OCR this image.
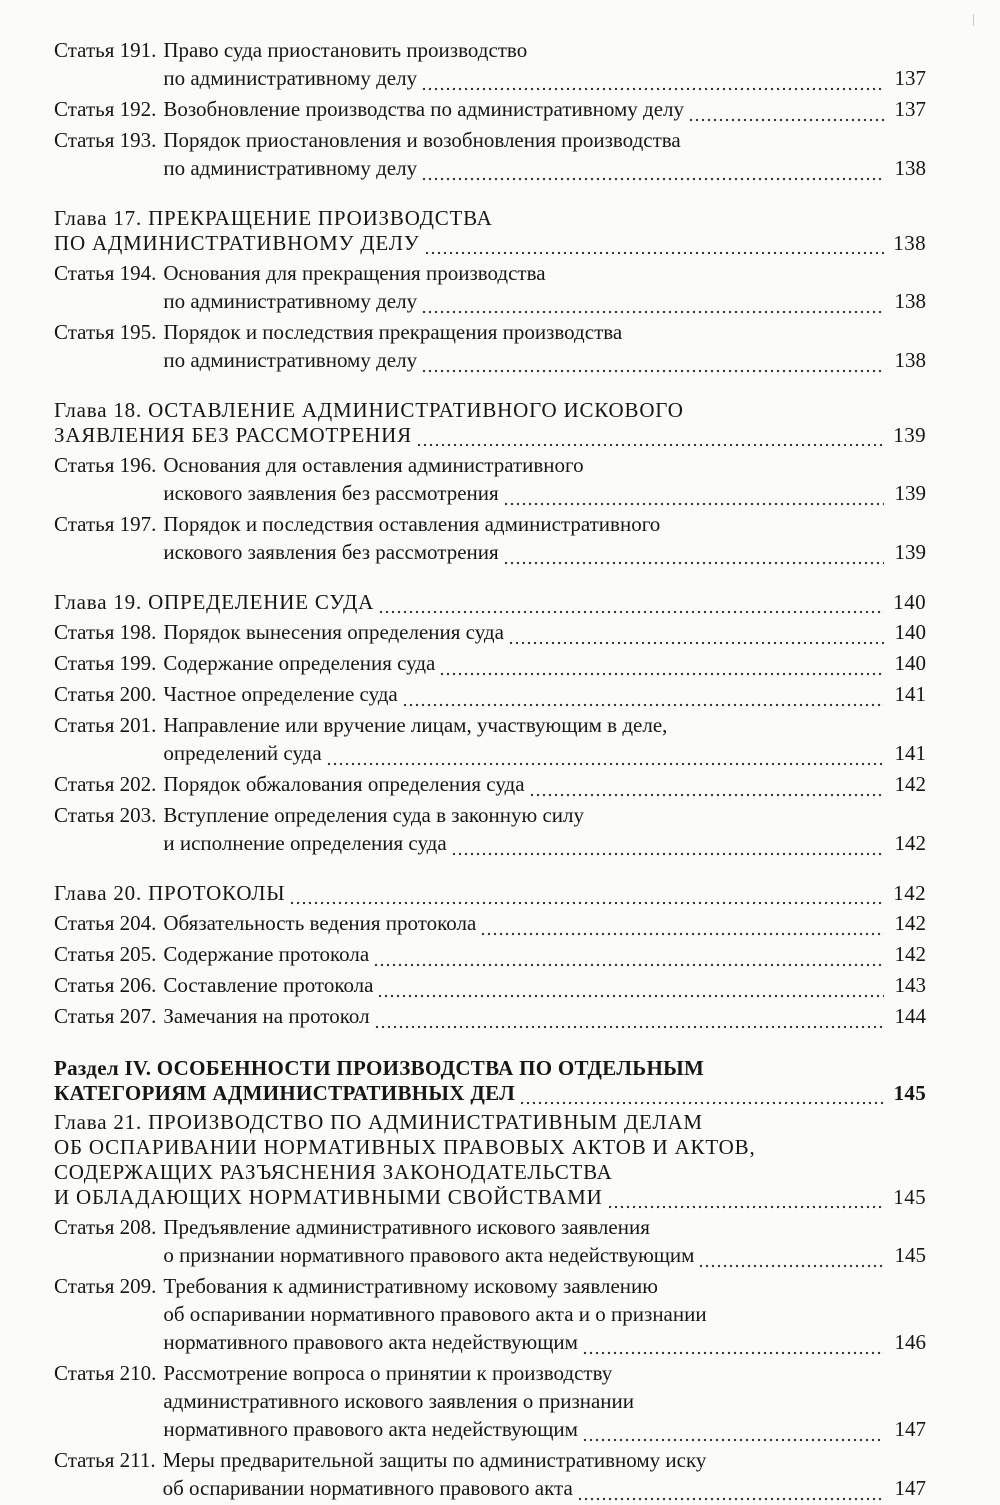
Статья 191. Право суда приостановить производство
по административному делу	137
Статья 192. Возобновление производства по административному делу	137
Статья 193. Порядок приостановления и возобновления производства
по административному делу	138
Глава 17. ПРЕКРАЩЕНИЕ ПРОИЗВОДСТВА
ПО АДМИНИСТРАТИВНОМУ ДЕЛУ	138
Статья 194. Основания для прекращения производства
по административному делу	138
Статья 195. Порядок и последствия прекращения производства
по административному делу	138
Глава 18. ОСТАВЛЕНИЕ АДМИНИСТРАТИВНОГО ИСКОВОГО
ЗАЯВЛЕНИЯ БЕЗ РАССМОТРЕНИЯ	139
Статья 196. Основания для оставления административного
искового заявления без рассмотрения	139
Статья 197. Порядок и последствия оставления административного
искового заявления без рассмотрения	139
Глава 19. ОПРЕДЕЛЕНИЕ СУДА	140
Статья 198. Порядок вынесения определения суда	140
Статья 199. Содержание определения суда	140
Статья 200. Частное определение суда	141
Статья 201. Направление или вручение лицам, участвующим в деле,
определений суда	141
Статья 202. Порядок обжалования определения суда	142
Статья 203. Вступление определения суда в законную силу
и исполнение определения суда	142
Глава 20. ПРОТОКОЛЫ	142
Статья 204. Обязательность ведения протокола	142
Статья 205. Содержание протокола	142
Статья 206. Составление протокола	143
Статья 207. Замечания на протокол	144
Раздел IV. ОСОБЕННОСТИ ПРОИЗВОДСТВА ПО ОТДЕЛЬНЫМ
КАТЕГОРИЯМ АДМИНИСТРАТИВНЫХ ДЕЛ	145
Глава 21. ПРОИЗВОДСТВО ПО АДМИНИСТРАТИВНЫМ ДЕЛАМ
ОБ ОСПАРИВАНИИ НОРМАТИВНЫХ ПРАВОВЫХ АКТОВ И АКТОВ,
СОДЕРЖАЩИХ РАЗЪЯСНЕНИЯ ЗАКОНОДАТЕЛЬСТВА
И ОБЛАДАЮЩИХ НОРМАТИВНЫМИ СВОЙСТВАМИ	145
Статья 208. Предъявление административного искового заявления
о признании нормативного правового акта недействующим	145
Статья 209. Требования к административному исковому заявлению
об оспаривании нормативного правового акта и о признании
нормативного правового акта недействующим	146
Статья 210. Рассмотрение вопроса о принятии к производству
административного искового заявления о признании
нормативного правового акта недействующим	147
Статья 211. Меры предварительной защиты по административному иску
об оспаривании нормативного правового акта	147
